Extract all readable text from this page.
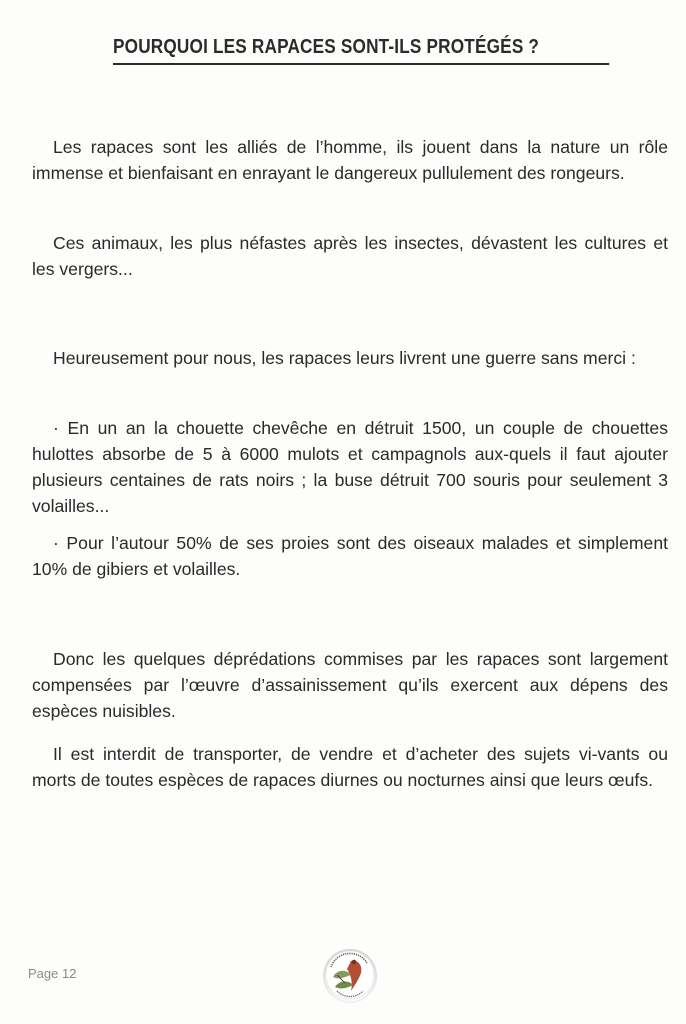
POURQUOI LES RAPACES SONT-ILS PROTÉGÉS ?

Les rapaces sont les alliés de l’homme, ils jouent dans la nature un rôle immense et bienfaisant en enrayant le dangereux pullulement des rongeurs.

Ces animaux, les plus néfastes après les insectes, dévastent les cultures et les vergers...

Heureusement pour nous, les rapaces leurs livrent une guerre sans merci :

· En un an la chouette chevêche en détruit 1500, un couple de chouettes hulottes absorbe de 5 à 6000 mulots et campagnols aux-quels il faut ajouter plusieurs centaines de rats noirs ; la buse détruit 700 souris pour seulement 3 volailles...

· Pour l’autour 50% de ses proies sont des oiseaux malades et simplement 10% de gibiers et volailles.

Donc les quelques déprédations commises par les rapaces sont largement compensées par l’œuvre d’assainissement qu’ils exercent aux dépens des espèces nuisibles.

Il est interdit de transporter, de vendre et d’acheter des sujets vi-vants ou morts de toutes espèces de rapaces diurnes ou nocturnes ainsi que leurs œufs.

Page 12
